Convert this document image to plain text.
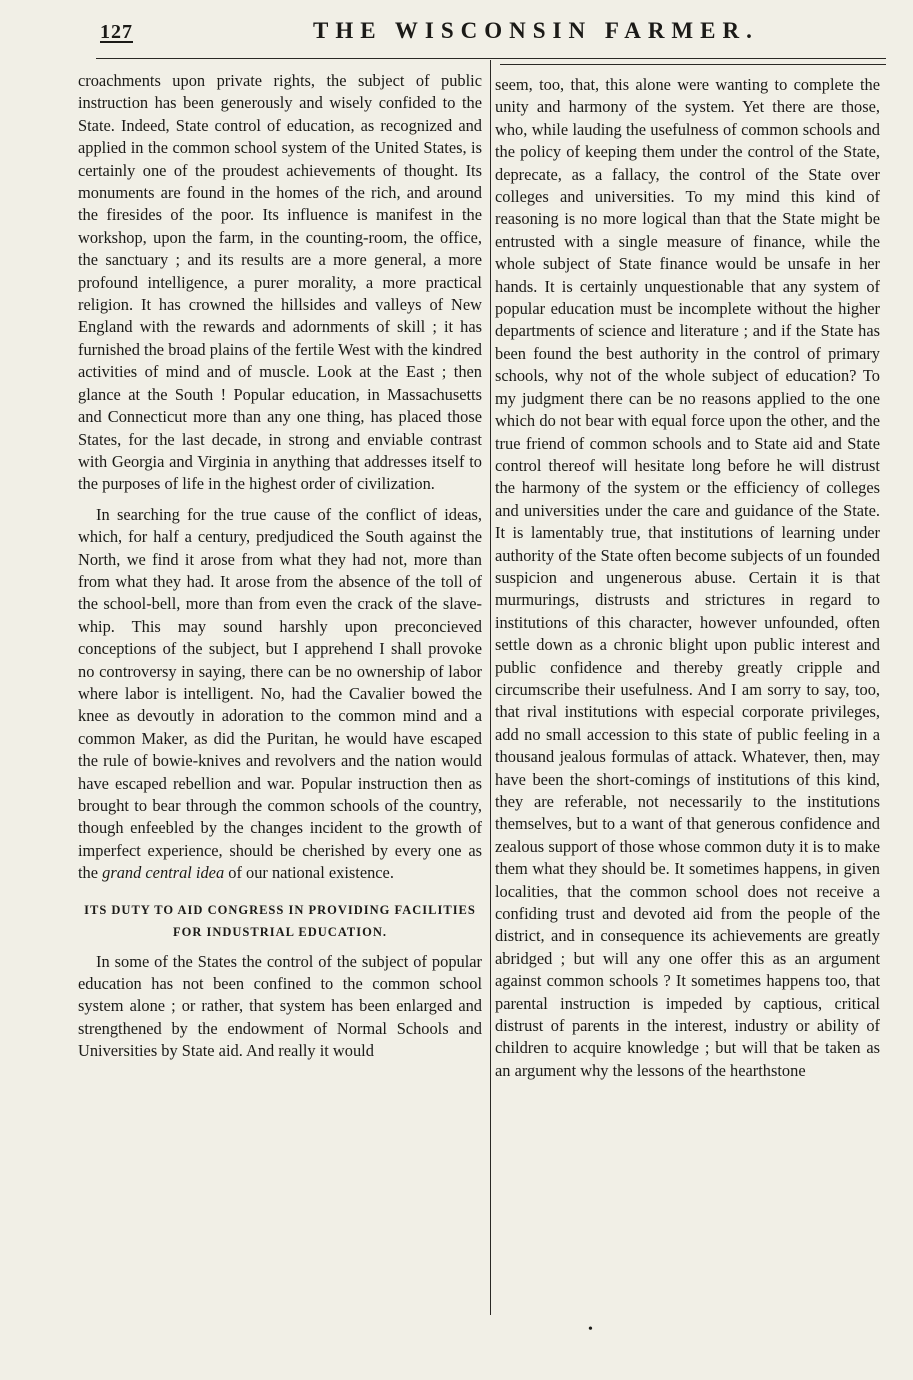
127	THE WISCONSIN FARMER.

croachments upon private rights, the subject of public instruction has been generously and wisely confided to the State. Indeed, State control of education, as recognized and applied in the common school system of the United States, is certainly one of the proudest achievements of thought. Its monuments are found in the homes of the rich, and around the firesides of the poor. Its influence is manifest in the workshop, upon the farm, in the counting-room, the office, the sanctuary ; and its results are a more general, a more profound intelligence, a purer morality, a more practical religion. It has crowned the hillsides and valleys of New England with the rewards and adornments of skill ; it has furnished the broad plains of the fertile West with the kindred activities of mind and of muscle. Look at the East ; then glance at the South ! Popular education, in Massachusetts and Connecticut more than any one thing, has placed those States, for the last decade, in strong and enviable contrast with Georgia and Virginia in anything that addresses itself to the purposes of life in the highest order of civilization.

In searching for the true cause of the conflict of ideas, which, for half a century, predjudiced the South against the North, we find it arose from what they had not, more than from what they had. It arose from the absence of the toll of the school-bell, more than from even the crack of the slave-whip. This may sound harshly upon preconcieved conceptions of the subject, but I apprehend I shall provoke no controversy in saying, there can be no ownership of labor where labor is intelligent. No, had the Cavalier bowed the knee as devoutly in adoration to the common mind and a common Maker, as did the Puritan, he would have escaped the rule of bowie-knives and revolvers and the nation would have escaped rebellion and war. Popular instruction then as brought to bear through the common schools of the country, though enfeebled by the changes incident to the growth of imperfect experience, should be cherished by every one as the grand central idea of our national existence.

ITS DUTY TO AID CONGRESS IN PROVIDING FACILITIES FOR INDUSTRIAL EDUCATION.

In some of the States the control of the subject of popular education has not been confined to the common school system alone ; or rather, that system has been enlarged and strengthened by the endowment of Normal Schools and Universities by State aid. And really it would

seem, too, that, this alone were wanting to complete the unity and harmony of the system. Yet there are those, who, while lauding the usefulness of common schools and the policy of keeping them under the control of the State, deprecate, as a fallacy, the control of the State over colleges and universities. To my mind this kind of reasoning is no more logical than that the State might be entrusted with a single measure of finance, while the whole subject of State finance would be unsafe in her hands. It is certainly unquestionable that any system of popular education must be incomplete without the higher departments of science and literature ; and if the State has been found the best authority in the control of primary schools, why not of the whole subject of education? To my judgment there can be no reasons applied to the one which do not bear with equal force upon the other, and the true friend of common schools and to State aid and State control thereof will hesitate long before he will distrust the harmony of the system or the efficiency of colleges and universities under the care and guidance of the State. It is lamentably true, that institutions of learning under authority of the State often become subjects of un founded suspicion and ungenerous abuse. Certain it is that murmurings, distrusts and strictures in regard to institutions of this character, however unfounded, often settle down as a chronic blight upon public interest and public confidence and thereby greatly cripple and circumscribe their usefulness. And I am sorry to say, too, that rival institutions with especial corporate privileges, add no small accession to this state of public feeling in a thousand jealous formulas of attack. Whatever, then, may have been the short-comings of institutions of this kind, they are referable, not necessarily to the institutions themselves, but to a want of that generous confidence and zealous support of those whose common duty it is to make them what they should be. It sometimes happens, in given localities, that the common school does not receive a confiding trust and devoted aid from the people of the district, and in consequence its achievements are greatly abridged ; but will any one offer this as an argument against common schools ? It sometimes happens too, that parental instruction is impeded by captious, critical distrust of parents in the interest, industry or ability of children to acquire knowledge ; but will that be taken as an argument why the lessons of the hearthstone

•
